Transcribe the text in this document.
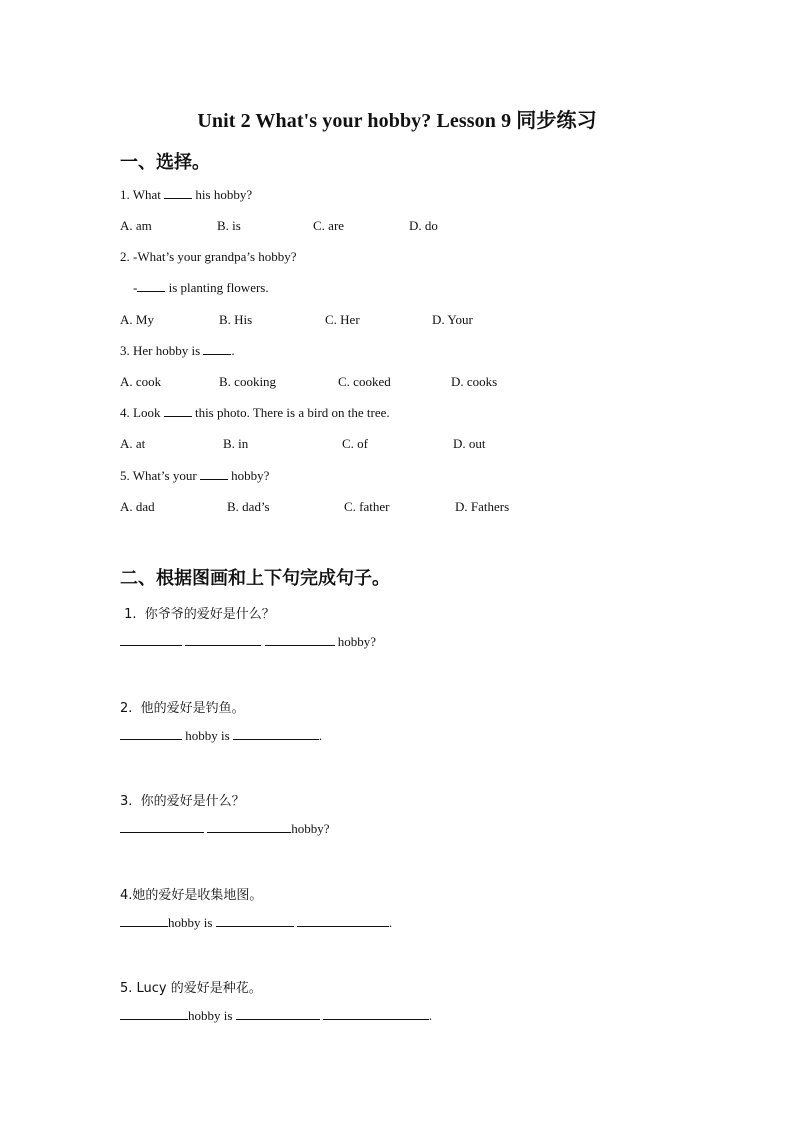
Unit 2 What's your hobby? Lesson 9 同步练习
一、选择。
1. What  his hobby?
A. am	B. is	C. are	D. do
2. -What’s your grandpa’s hobby?
- is planting flowers.
A. My	B. His	C. Her	D. Your
3. Her hobby is .
A. cook	B. cooking	C. cooked	D. cooks
4. Look  this photo. There is a bird on the tree.
A. at	B. in	C. of	D. out
5. What’s your  hobby?
A. dad	B. dad’s	C. father	D. Fathers
二、根据图画和上下句完成句子。
1.  你爷爷的爱好是什么？
hobby?
2.  他的爱好是钓鱼。
hobby is	.
3.  你的爱好是什么？
hobby?
4.她的爱好是收集地图。
hobby is	.
5. Lucy 的爱好是种花。
hobby is	.
